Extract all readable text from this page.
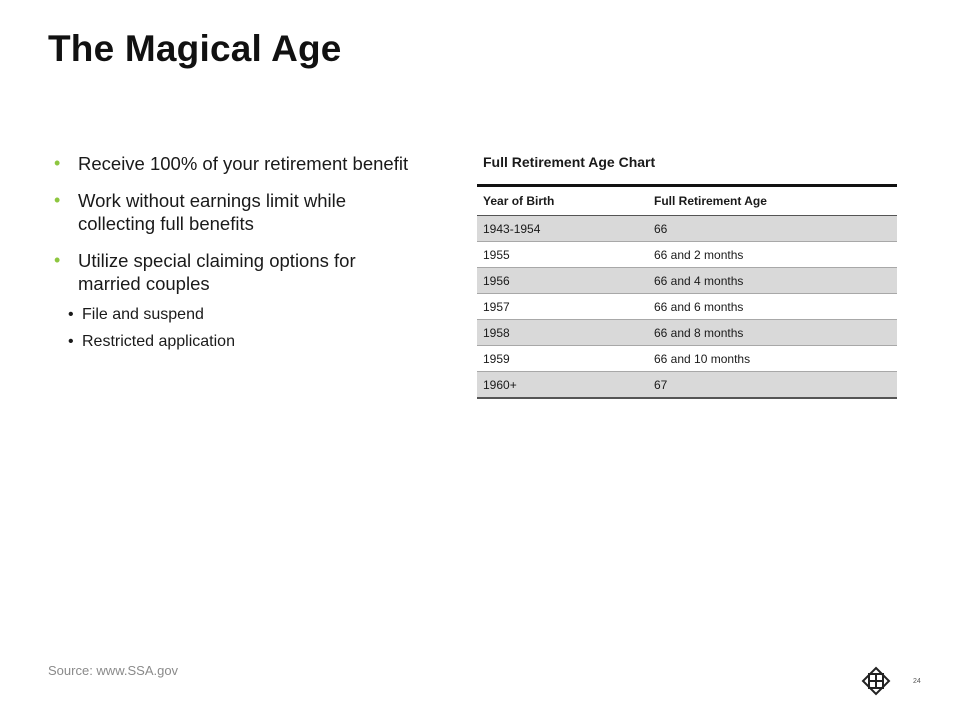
The Magical Age
• Receive 100% of your retirement benefit
• Work without earnings limit while collecting full benefits
• Utilize special claiming options for married couples
• File and suspend
• Restricted application
Full Retirement Age Chart
Year of Birth	Full Retirement Age
1943-1954	66
1955	66 and 2 months
1956	66 and 4 months
1957	66 and 6 months
1958	66 and 8 months
1959	66 and 10 months
1960+	67
Source: www.SSA.gov
24
